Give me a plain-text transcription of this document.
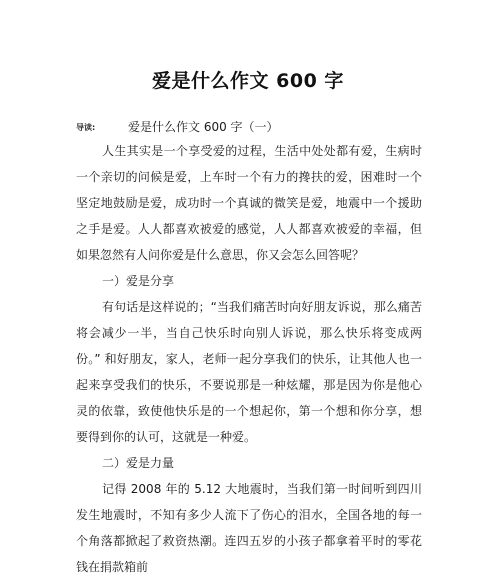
爱是什么作文 600 字
导读:	爱是什么作文 600 字（一）
人生其实是一个享受爱的过程，生活中处处都有爱，生病时一个亲切的问候是爱，上车时一个有力的搀扶的爱，困难时一个坚定地鼓励是爱，成功时一个真诚的微笑是爱，地震中一个援助之手是爱。人人都喜欢被爱的感觉，人人都喜欢被爱的幸福，但如果忽然有人问你爱是什么意思，你又会怎么回答呢？
一）爱是分享
有句话是这样说的；“当我们痛苦时向好朋友诉说，那么痛苦将会减少一半，当自己快乐时向别人诉说，那么快乐将变成两份。” 和好朋友，家人，老师一起分享我们的快乐，让其他人也一起来享受我们的快乐，不要说那是一种炫耀，那是因为你是他心灵的依靠，致使他快乐是的一个想起你，第一个想和你分享，想要得到你的认可，这就是一种爱。
二）爱是力量
记得 2008 年的 5.12 大地震时，当我们第一时间听到四川发生地震时，不知有多少人流下了伤心的泪水，全国各地的每一个角落都掀起了救资热潮。连四五岁的小孩子都拿着平时的零花钱在捐款箱前
